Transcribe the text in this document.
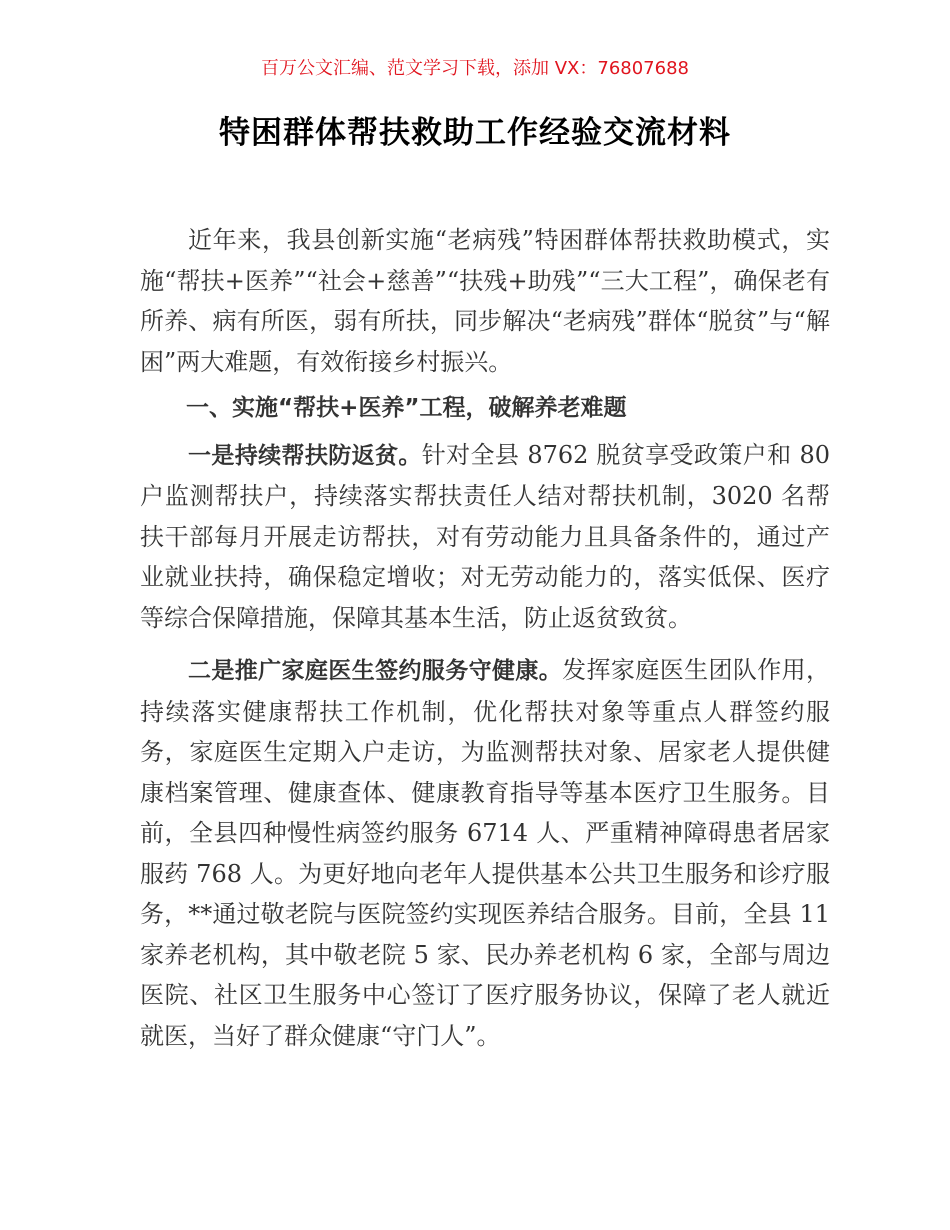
百万公文汇编、范文学习下载，添加 VX：76807688
特困群体帮扶救助工作经验交流材料

近年来，我县创新实施“老病残”特困群体帮扶救助模式，实施“帮扶+医养”“社会+慈善”“扶残+助残”“三大工程”，确保老有所养、病有所医，弱有所扶，同步解决“老病残”群体“脱贫”与“解困”两大难题，有效衔接乡村振兴。

一、实施“帮扶+医养”工程，破解养老难题

一是持续帮扶防返贫。针对全县 8762 脱贫享受政策户和 80 户监测帮扶户，持续落实帮扶责任人结对帮扶机制，3020 名帮扶干部每月开展走访帮扶，对有劳动能力且具备条件的，通过产业就业扶持，确保稳定增收；对无劳动能力的，落实低保、医疗等综合保障措施，保障其基本生活，防止返贫致贫。

二是推广家庭医生签约服务守健康。发挥家庭医生团队作用，持续落实健康帮扶工作机制，优化帮扶对象等重点人群签约服务，家庭医生定期入户走访，为监测帮扶对象、居家老人提供健康档案管理、健康查体、健康教育指导等基本医疗卫生服务。目前，全县四种慢性病签约服务 6714 人、严重精神障碍患者居家服药 768 人。为更好地向老年人提供基本公共卫生服务和诊疗服务，**通过敬老院与医院签约实现医养结合服务。目前，全县 11 家养老机构，其中敬老院 5 家、民办养老机构 6 家，全部与周边医院、社区卫生服务中心签订了医疗服务协议，保障了老人就近就医，当好了群众健康“守门人”。
